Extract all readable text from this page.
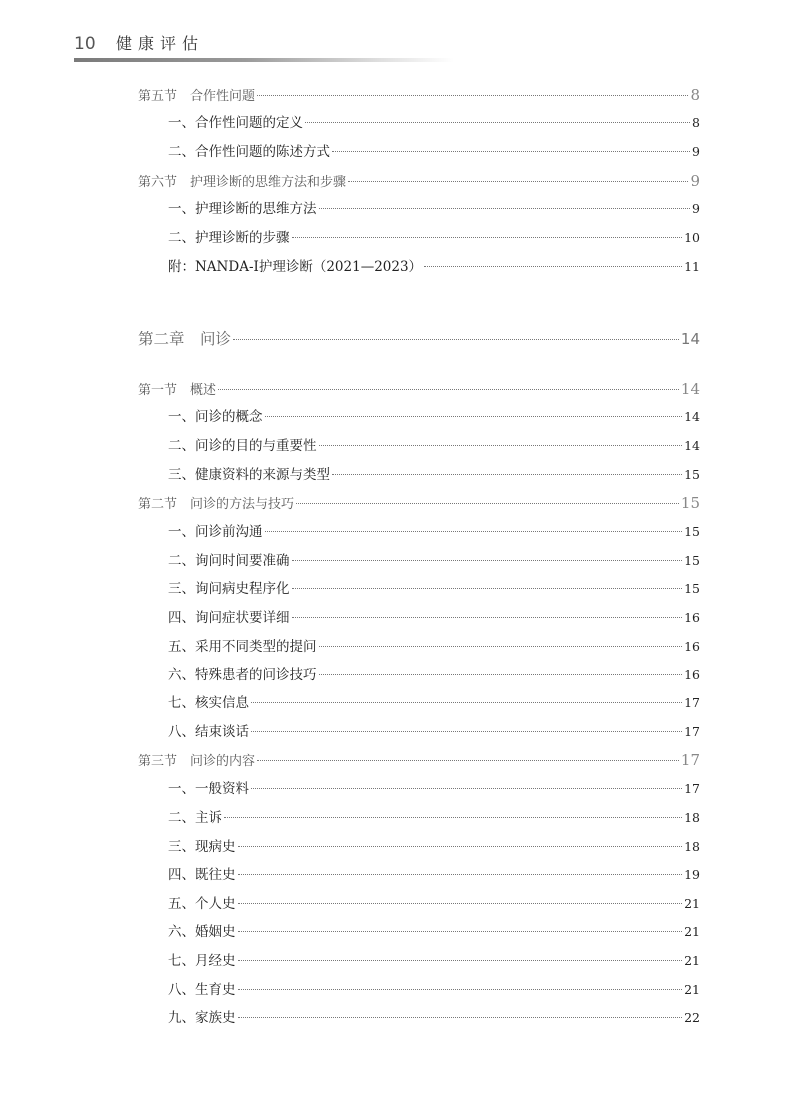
10 健康评估
第五节　合作性问题	8
一、合作性问题的定义	8
二、合作性问题的陈述方式	9
第六节　护理诊断的思维方法和步骤	9
一、护理诊断的思维方法	9
二、护理诊断的步骤	10
附：NANDA-Ⅰ护理诊断（2021—2023）	11
第二章　问诊	14
第一节　概述	14
一、问诊的概念	14
二、问诊的目的与重要性	14
三、健康资料的来源与类型	15
第二节　问诊的方法与技巧	15
一、问诊前沟通	15
二、询问时间要准确	15
三、询问病史程序化	15
四、询问症状要详细	16
五、采用不同类型的提问	16
六、特殊患者的问诊技巧	16
七、核实信息	17
八、结束谈话	17
第三节　问诊的内容	17
一、一般资料	17
二、主诉	18
三、现病史	18
四、既往史	19
五、个人史	21
六、婚姻史	21
七、月经史	21
八、生育史	21
九、家族史	22
